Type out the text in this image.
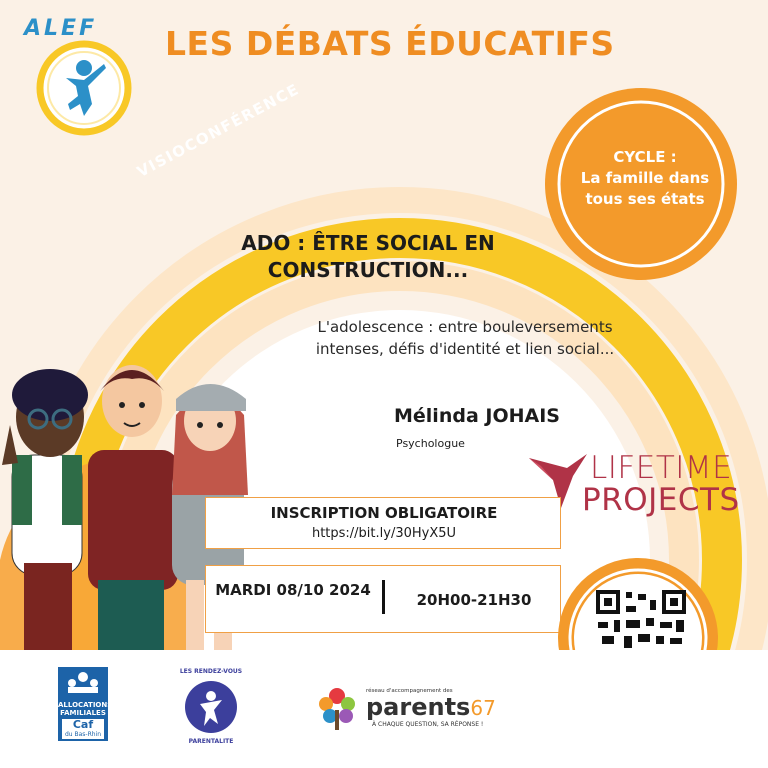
ALEF LES DÉBATS ÉDUCATIFS
VISIOCONFÉRENCE	CYCLE :
La famille dans tous ses états
ADO : ÊTRE SOCIAL EN CONSTRUCTION...
L'adolescence : entre bouleversements intenses, défis d'identité et lien social...
Mélinda JOHAIS
Psychologue
LIFETIME
PROJECTS
INSCRIPTION OBLIGATOIRE
https://bit.ly/30HyX5U
MARDI 08/10 2024
20H00-21H30
ALLOCATIONS FAMILIALES
Caf
du Bas-Rhin
LES RENDEZ-VOUS
PARENTALITE
réseau d'accompagnement des
parents67
À CHAQUE QUESTION, SA RÉPONSE !
